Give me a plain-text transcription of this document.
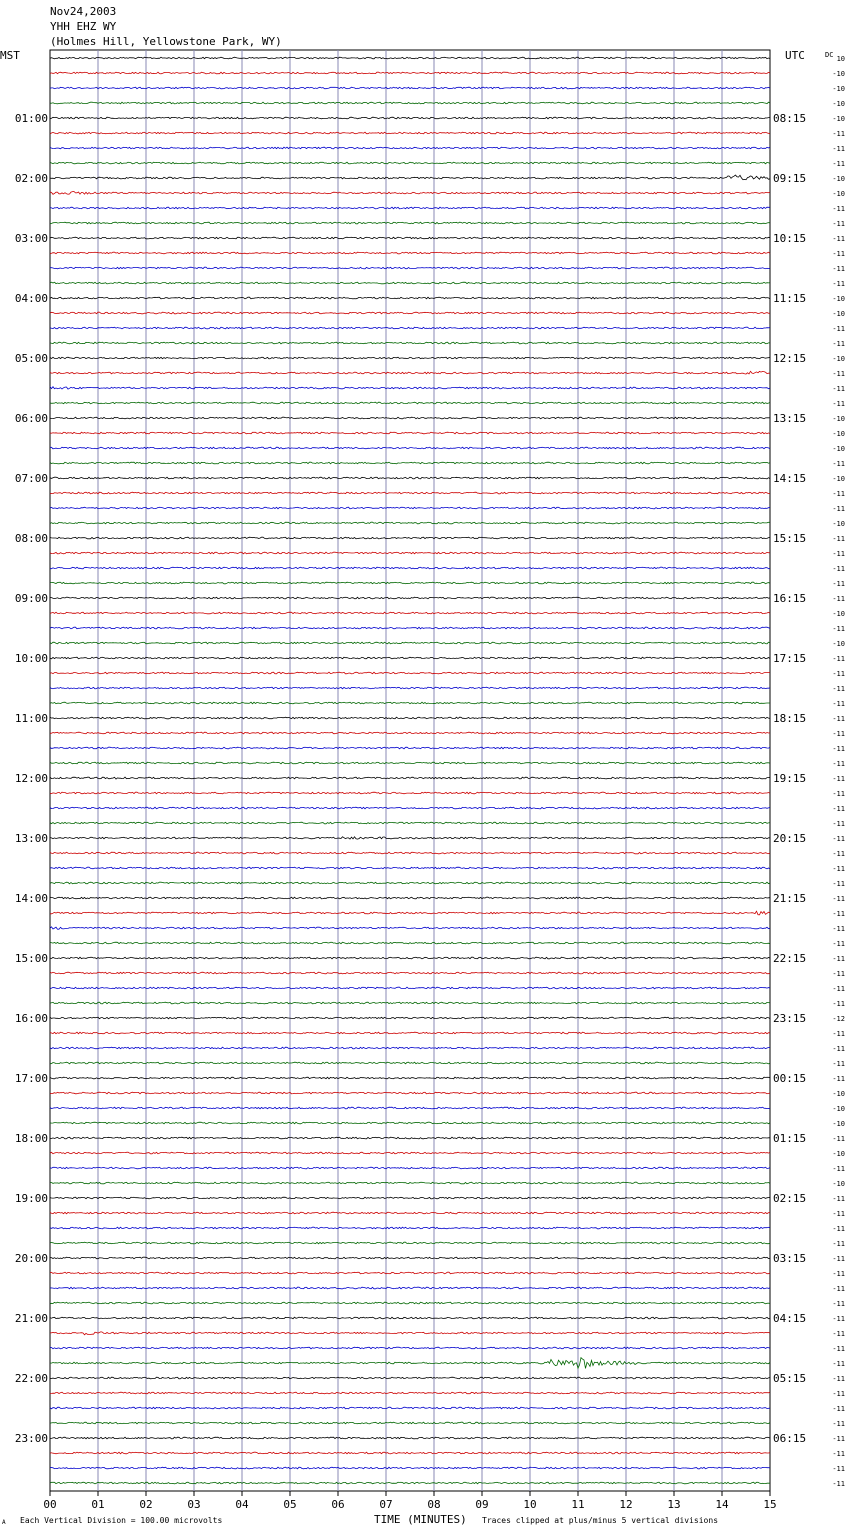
Nov24,2003
YHH EHZ WY
(Holmes Hill, Yellowstone Park, WY)
MST	UTC
01:00
02:00
03:00
04:00
05:00
06:00
07:00
08:00
09:00
10:00
11:00
12:00
13:00
14:00
15:00
16:00
17:00
18:00
19:00
20:00
21:00
22:00
23:00
08:15
09:15
10:15
11:15
12:15
13:15
14:15
15:15
16:15
17:15
18:15
19:15
20:15
21:15
22:15
23:15
00:15
01:15
02:15
03:15
04:15
05:15
06:15
DC 10
-10
-10
-10
-10
-11
-11
-11
-10
-10
-11
-11
-11
-11
-11
-11
-10
-10
-11
-11
-10
-11
-11
-11
-10
-10
-10
-11
-10
-11
-11
-10
-11
-11
-11
-11
-11
-10
-11
-10
-11
-11
-11
-11
-11
-11
-11
-11
-11
-11
-11
-11
-11
-11
-11
-11
-11
-11
-11
-11
-11
-11
-11
-11
-12
-11
-11
-11
-11
-10
-10
-10
-11
-10
-11
-10
-11
-11
-11
-11
-11
-11
-11
-11
-11
-11
-11
-11
-11
-11
-11
-11
-11
-11
-11
-11
00	01	02	03	04	05	06	07	08	09	10	11	12	13	14	15
A Each Vertical Division = 100.00 microvolts	TIME (MINUTES) Traces clipped at plus/minus 5 vertical divisions
